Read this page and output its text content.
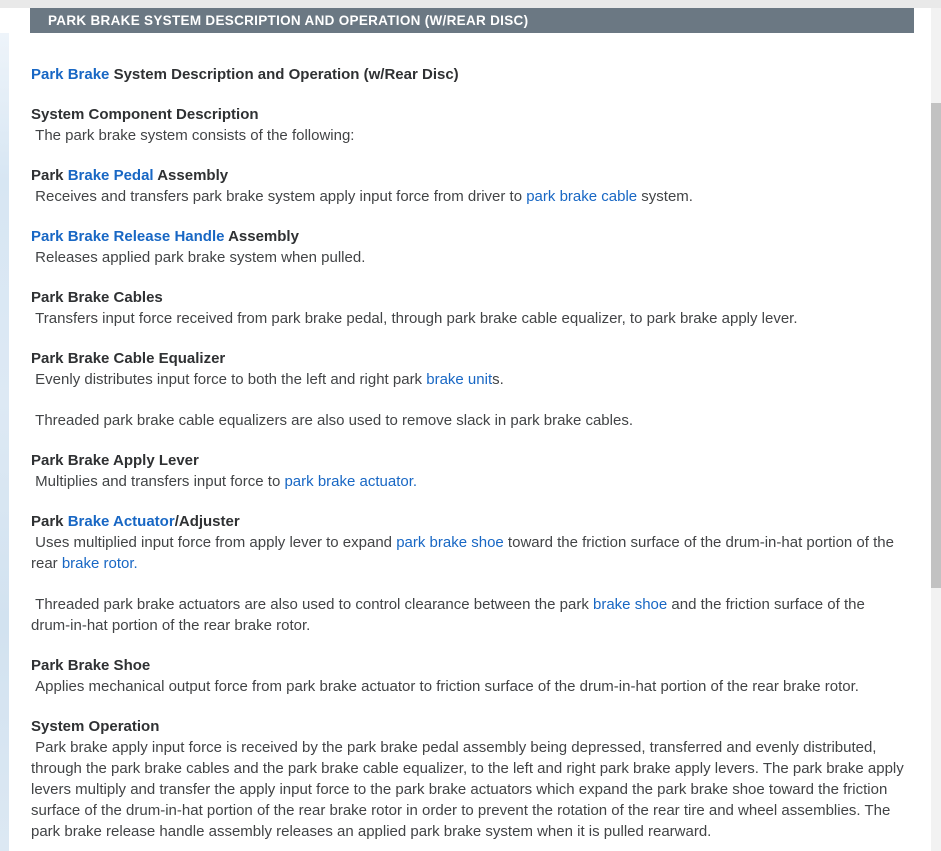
PARK BRAKE SYSTEM DESCRIPTION AND OPERATION (W/REAR DISC)
Park Brake System Description and Operation (w/Rear Disc)
System Component Description

The park brake system consists of the following:

Park Brake Pedal Assembly

Receives and transfers park brake system apply input force from driver to park brake cable system.

Park Brake Release Handle Assembly

Releases applied park brake system when pulled.

Park Brake Cables

Transfers input force received from park brake pedal, through park brake cable equalizer, to park brake apply lever.

Park Brake Cable Equalizer

Evenly distributes input force to both the left and right park brake units.

Threaded park brake cable equalizers are also used to remove slack in park brake cables.

Park Brake Apply Lever

Multiplies and transfers input force to park brake actuator.

Park Brake Actuator/Adjuster

Uses multiplied input force from apply lever to expand park brake shoe toward the friction surface of the drum-in-hat portion of the rear brake rotor.

Threaded park brake actuators are also used to control clearance between the park brake shoe and the friction surface of the drum-in-hat portion of the rear brake rotor.

Park Brake Shoe

Applies mechanical output force from park brake actuator to friction surface of the drum-in-hat portion of the rear brake rotor.

System Operation

Park brake apply input force is received by the park brake pedal assembly being depressed, transferred and evenly distributed, through the park brake cables and the park brake cable equalizer, to the left and right park brake apply levers. The park brake apply levers multiply and transfer the apply input force to the park brake actuators which expand the park brake shoe toward the friction surface of the drum-in-hat portion of the rear brake rotor in order to prevent the rotation of the rear tire and wheel assemblies. The park brake release handle assembly releases an applied park brake system when it is pulled rearward.
